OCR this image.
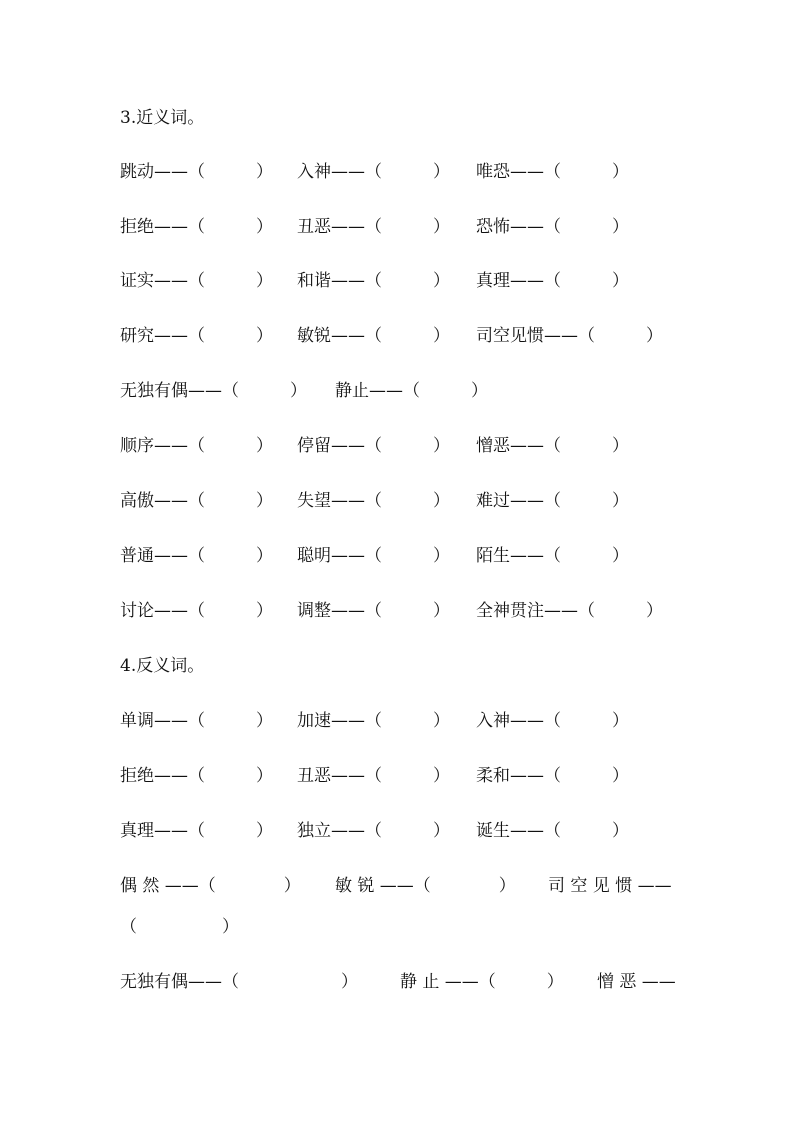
3.近义词。
跳动——（　　　） 入神——（　　　） 唯恐——（　　　）
拒绝——（　　　） 丑恶——（　　　） 恐怖——（　　　）
证实——（　　　） 和谐——（　　　） 真理——（　　　）
研究——（　　　） 敏锐——（　　　） 司空见惯——（　　　）
无独有偶——（　　　） 静止——（　　　）
顺序——（　　　） 停留——（　　　） 憎恶——（　　　）
高傲——（　　　） 失望——（　　　） 难过——（　　　）
普通——（　　　） 聪明——（　　　） 陌生——（　　　）
讨论——（　　　） 调整——（　　　） 全神贯注——（　　　）
4.反义词。
单调——（　　　） 加速——（　　　） 入神——（　　　）
拒绝——（　　　） 丑恶——（　　　） 柔和——（　　　）
真理——（　　　） 独立——（　　　） 诞生——（　　　）
偶 然 ——（　　　　） 敏 锐 ——（　　　　） 司 空 见 惯 ——
（　　　　　）
无独有偶——（　　　　　　） 静 止 ——（　　　） 憎 恶 ——
